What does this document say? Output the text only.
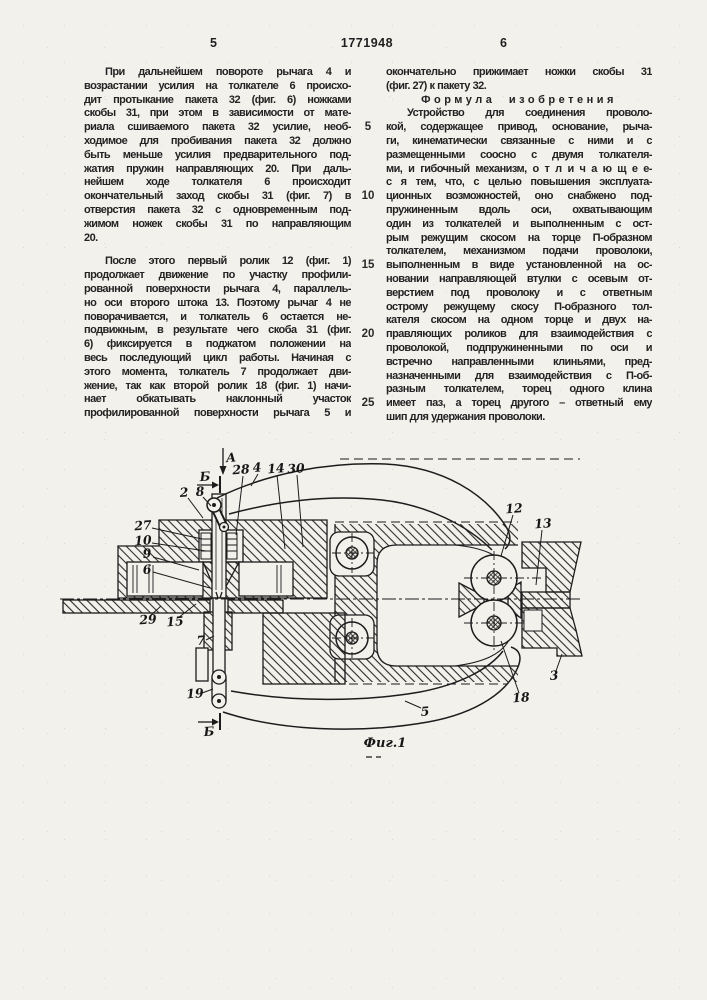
5	1771948	6
При дальнейшем повороте рычага 4 и
возрастании усилия на толкателе 6 происхо-
дит протыкание пакета 32 (фиг. 6) ножками
скобы 31, при этом в зависимости от мате-
риала сшиваемого пакета 32 усилие, необ-
ходимое для пробивания пакета 32 должно
быть меньше усилия предварительного под-
жатия пружин направляющих 20. При даль-
нейшем ходе толкателя 6 происходит
окончательный заход скобы 31 (фиг. 7) в
отверстия пакета 32 с одновременным под-
жимом ножек скобы 31 по направляющим
20.
После этого первый ролик 12 (фиг. 1)
продолжает движение по участку профили-
рованной поверхности рычага 4, параллель-
но оси второго штока 13. Поэтому рычаг 4 не
поворачивается, и толкатель 6 остается не-
подвижным, в результате чего скоба 31 (фиг.
6) фиксируется в поджатом положении на
весь последующий цикл работы. Начиная с
этого момента, толкатель 7 продолжает дви-
жение, так как второй ролик 18 (фиг. 1) начи-
нает обкатывать наклонный участок
профилированной поверхности рычага 5 и
окончательно прижимает ножки скобы 31
(фиг. 27) к пакету 32.
Формула изобретения
Устройство для соединения проволо-
кой, содержащее привод, основание, рыча-
ги, кинематически связанные с ними и с
размещенными соосно с двумя толкателя-
ми, и гибочный механизм, о т л и ч а ю щ е е-
с я тем, что, с целью повышения эксплуата-
ционных возможностей, оно снабжено под-
пружиненным вдоль оси, охватывающим
один из толкателей и выполненным с ост-
рым режущим скосом на торце П-образном
толкателем, механизмом подачи проволоки,
выполненным в виде установленной на ос-
новании направляющей втулки с осевым от-
верстием под проволоку и с ответным
острому режущему скосу П-образного тол-
кателя скосом на одном торце и двух на-
правляющих роликов для взаимодействия с
проволокой, подпружиненными по оси и
встречно направленными клиньями, пред-
назначенными для взаимодействия с П-об-
разным толкателем, торец одного клина
имеет паз, а торец другого – ответный ему
шип для удержания проволоки.
5
10
15
20
25
Фиг.1
A
Б
2 8
28 4 14 30
27
10
9
6
29 15
7
19
Б
12
13
3
18
5
